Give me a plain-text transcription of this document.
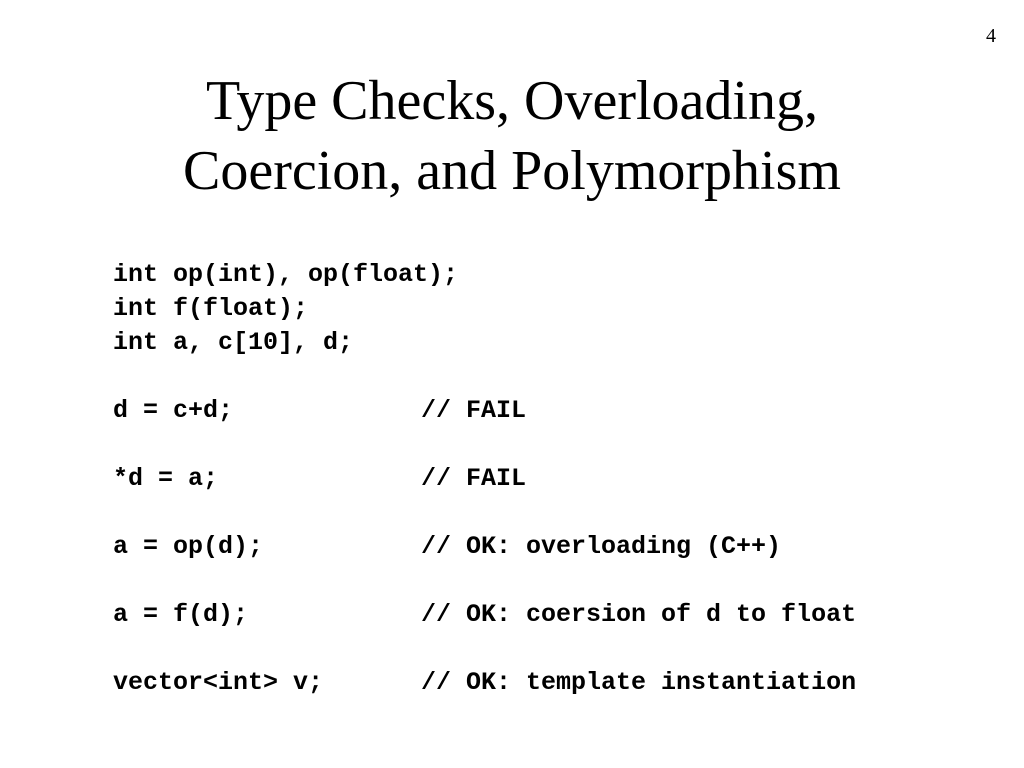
4
Type Checks, Overloading,
Coercion, and Polymorphism
int op(int), op(float);
int f(float);
int a, c[10], d;
d = c+d;	// FAIL
*d = a;	// FAIL
a = op(d);	// OK: overloading (C++)
a = f(d);	// OK: coersion of d to float
vector<int> v;	// OK: template instantiation
